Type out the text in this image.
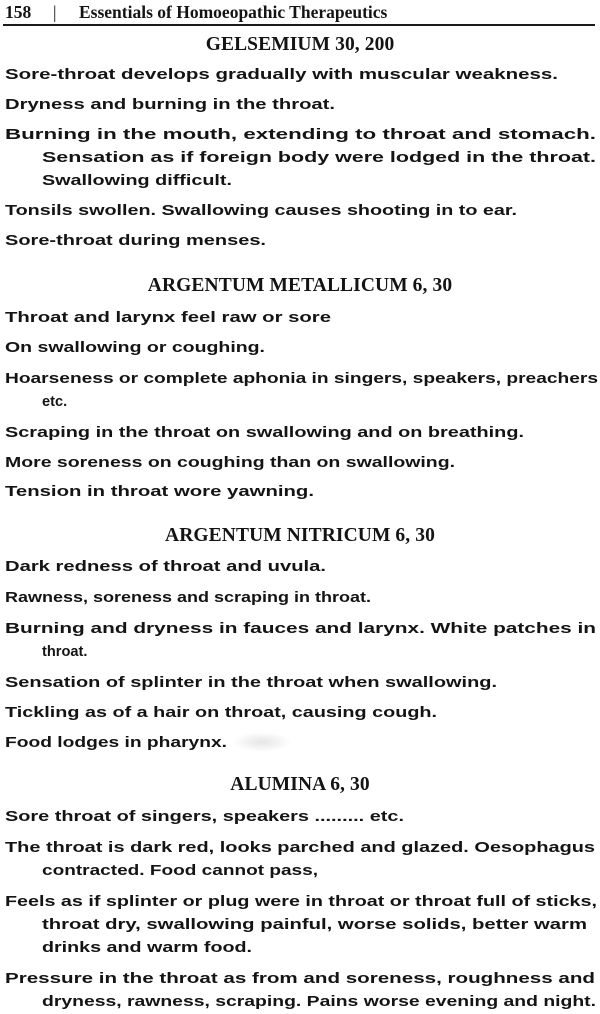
158 | Essentials of Homoeopathic Therapeutics
GELSEMIUM 30, 200
Sore-throat develops gradually with muscular weakness.
Dryness and burning in the throat.
Burning in the mouth, extending to throat and stomach.
Sensation as if foreign body were lodged in the throat.
Swallowing difficult.
Tonsils swollen. Swallowing causes shooting in to ear.
Sore-throat during menses.
ARGENTUM METALLICUM 6, 30
Throat and larynx feel raw or sore
On swallowing or coughing.
Hoarseness or complete aphonia in singers, speakers, preachers
etc.
Scraping in the throat on swallowing and on breathing.
More soreness on coughing than on swallowing.
Tension in throat wore yawning.
ARGENTUM NITRICUM 6, 30
Dark redness of throat and uvula.
Rawness, soreness and scraping in throat.
Burning and dryness in fauces and larynx. White patches in
throat.
Sensation of splinter in the throat when swallowing.
Tickling as of a hair on throat, causing cough.
Food lodges in pharynx.
ALUMINA 6, 30
Sore throat of singers, speakers ......... etc.
The throat is dark red, looks parched and glazed. Oesophagus
contracted. Food cannot pass,
Feels as if splinter or plug were in throat or throat full of sticks,
throat dry, swallowing painful, worse solids, better warm
drinks and warm food.
Pressure in the throat as from and soreness, roughness and
dryness, rawness, scraping. Pains worse evening and night.
